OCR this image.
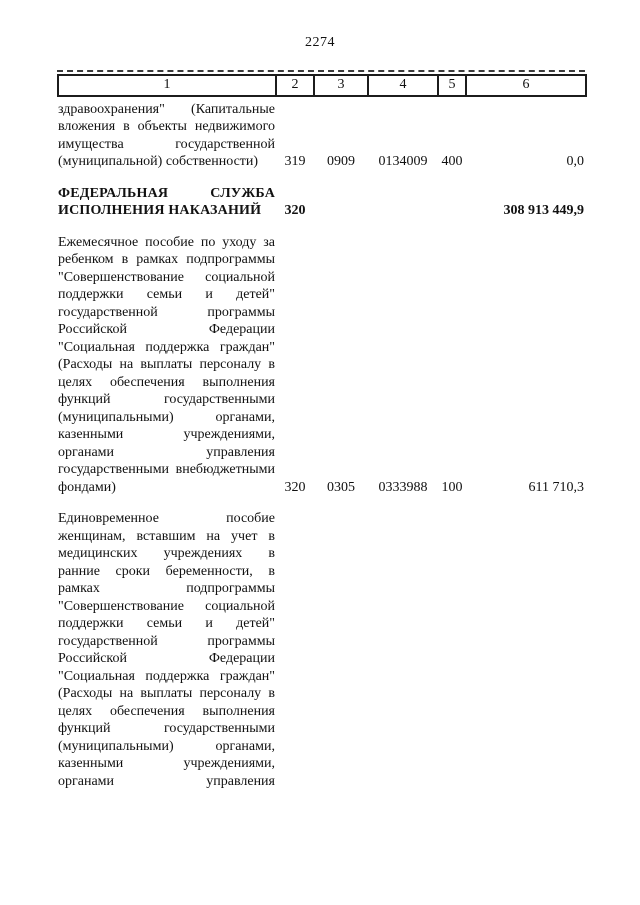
2274
1	2	3	4	5	6

здравоохранения" (Капитальные вложения в объекты недвижимого имущества государственной (муниципальной) собственности)	319	0909	0134009	400	0,0

ФЕДЕРАЛЬНАЯ СЛУЖБА ИСПОЛНЕНИЯ НАКАЗАНИЙ	320				308 913 449,9

Ежемесячное пособие по уходу за ребенком в рамках подпрограммы "Совершенствование социальной поддержки семьи и детей" государственной программы Российской Федерации "Социальная поддержка граждан" (Расходы на выплаты персоналу в целях обеспечения выполнения функций государственными (муниципальными) органами, казенными учреждениями, органами управления государственными внебюджетными фондами)	320	0305	0333988	100	611 710,3

Единовременное пособие женщинам, вставшим на учет в медицинских учреждениях в ранние сроки беременности, в рамках подпрограммы "Совершенствование социальной поддержки семьи и детей" государственной программы Российской Федерации "Социальная поддержка граждан" (Расходы на выплаты персоналу в целях обеспечения выполнения функций государственными (муниципальными) органами, казенными учреждениями, органами управления					
